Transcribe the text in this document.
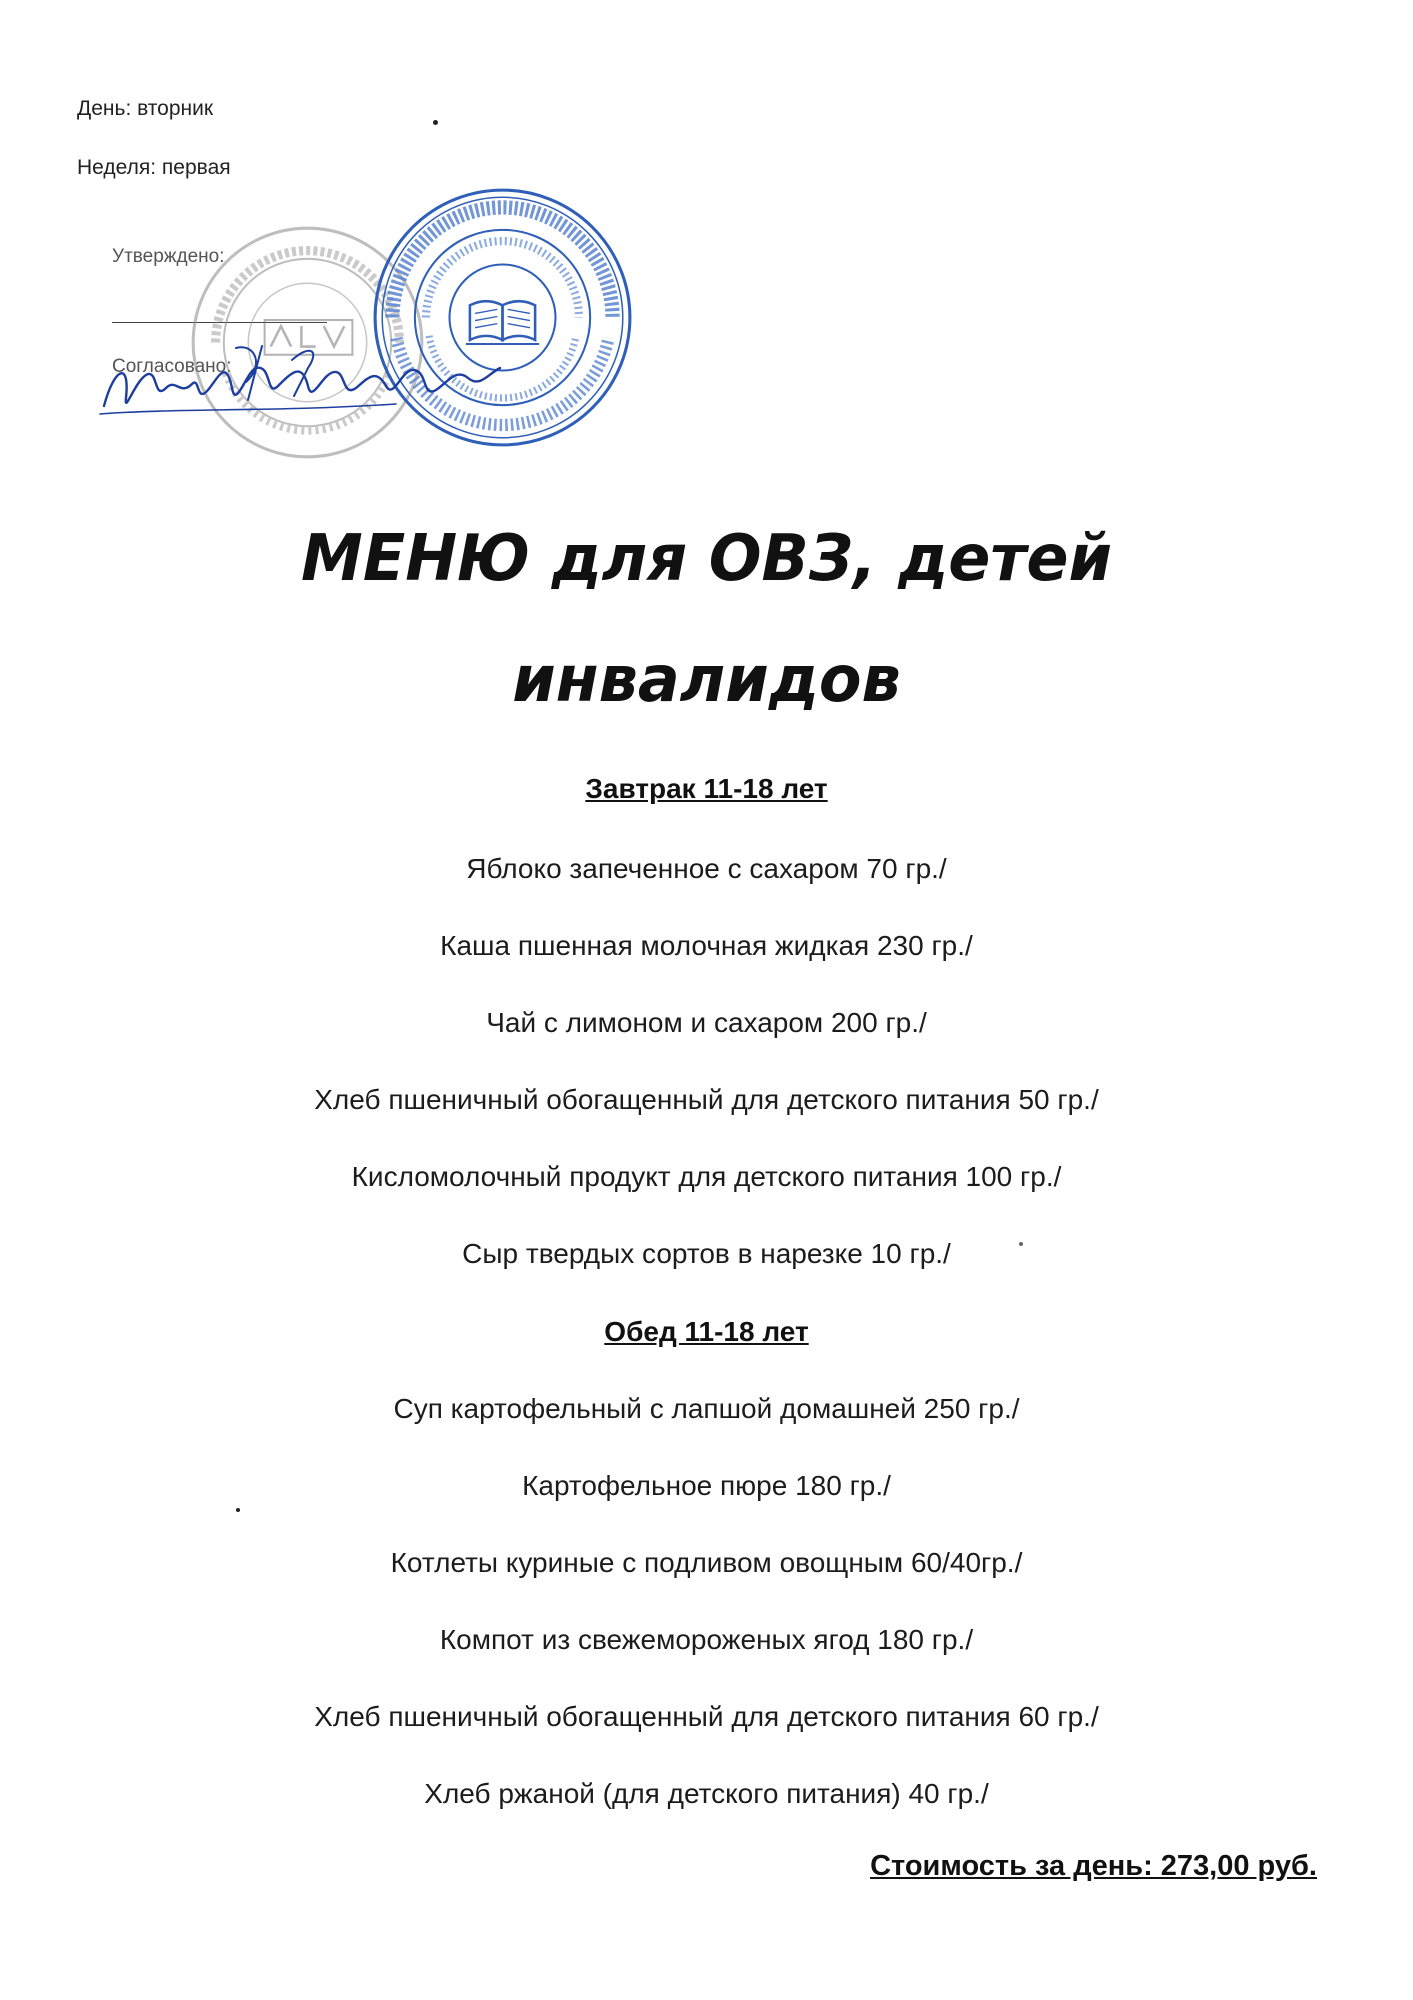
День: вторник
Неделя: первая
Утверждено:
Согласовано:
МЕНЮ для ОВЗ, детей
инвалидов
Завтрак 11-18 лет
Яблоко запеченное с сахаром 70 гр./
Каша пшенная молочная жидкая 230 гр./
Чай с лимоном и сахаром 200 гр./
Хлеб пшеничный обогащенный для детского питания 50 гр./
Кисломолочный продукт для детского питания 100 гр./
Сыр твердых сортов в нарезке 10 гр./
Обед 11-18 лет
Суп картофельный с лапшой домашней 250 гр./
Картофельное пюре 180 гр./
Котлеты куриные с подливом овощным 60/40гр./
Компот из свежемороженых ягод 180 гр./
Хлеб пшеничный обогащенный для детского питания 60 гр./
Хлеб ржаной (для детского питания) 40 гр./
Стоимость за день: 273,00 руб.
